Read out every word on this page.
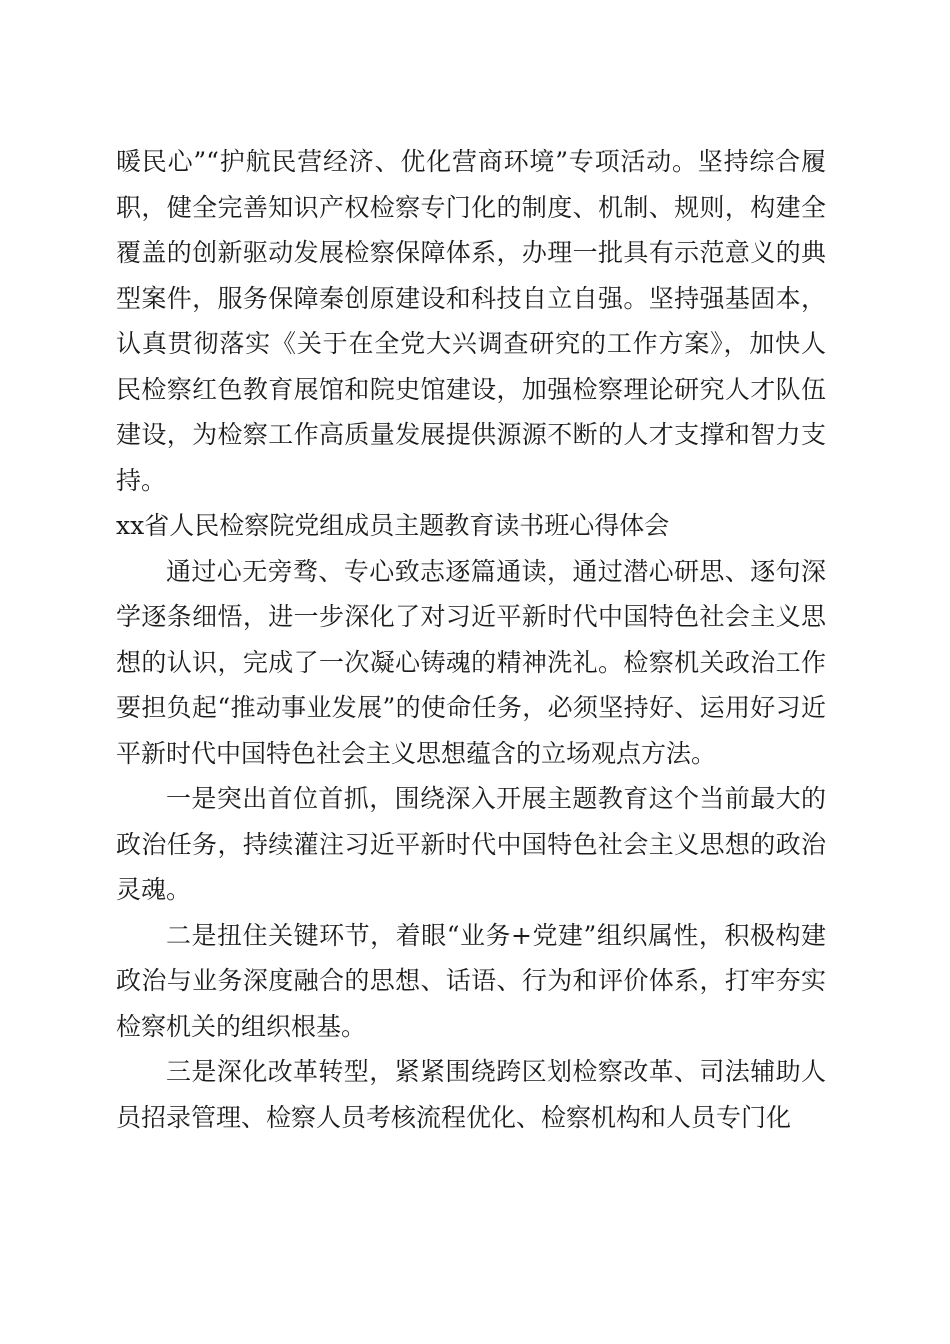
暖民心”“护航民营经济、优化营商环境”专项活动。坚持综合履职，健全完善知识产权检察专门化的制度、机制、规则，构建全覆盖的创新驱动发展检察保障体系，办理一批具有示范意义的典型案件，服务保障秦创原建设和科技自立自强。坚持强基固本，认真贯彻落实《关于在全党大兴调查研究的工作方案》，加快人民检察红色教育展馆和院史馆建设，加强检察理论研究人才队伍建设，为检察工作高质量发展提供源源不断的人才支撑和智力支持。

xx省人民检察院党组成员主题教育读书班心得体会

通过心无旁骛、专心致志逐篇通读，通过潜心研思、逐句深学逐条细悟，进一步深化了对习近平新时代中国特色社会主义思想的认识，完成了一次凝心铸魂的精神洗礼。检察机关政治工作要担负起“推动事业发展”的使命任务，必须坚持好、运用好习近平新时代中国特色社会主义思想蕴含的立场观点方法。

一是突出首位首抓，围绕深入开展主题教育这个当前最大的政治任务，持续灌注习近平新时代中国特色社会主义思想的政治灵魂。

二是扭住关键环节，着眼“业务+党建”组织属性，积极构建政治与业务深度融合的思想、话语、行为和评价体系，打牢夯实检察机关的组织根基。

三是深化改革转型，紧紧围绕跨区划检察改革、司法辅助人员招录管理、检察人员考核流程优化、检察机构和人员专门化
